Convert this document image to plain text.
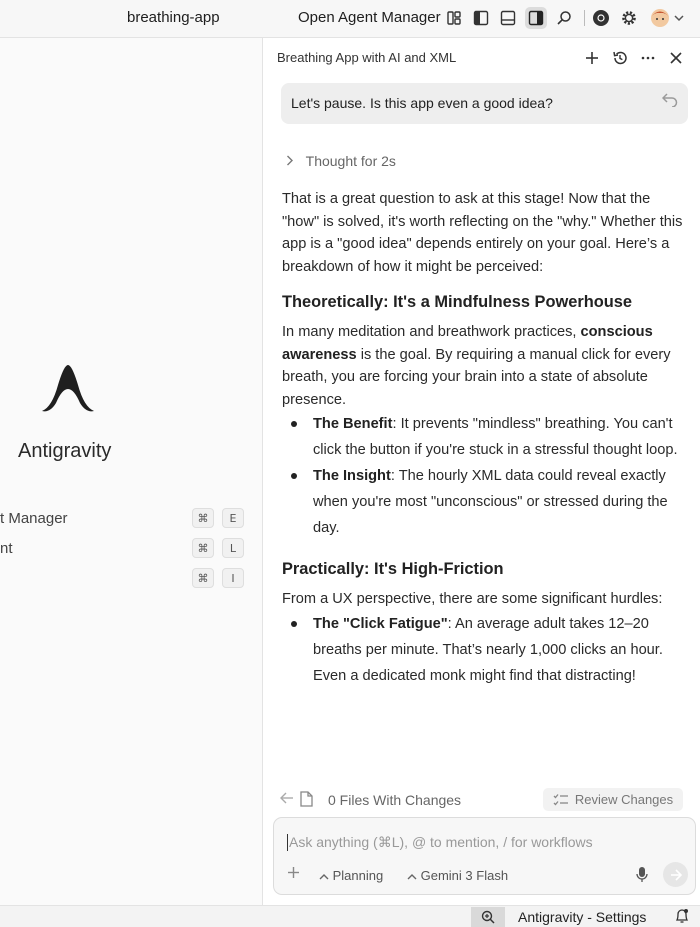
breathing-app	Open Agent Manager
Antigravity
t Manager	⌘	E
nt	⌘	L
⌘	I
Breathing App with AI and XML
Let's pause. Is this app even a good idea?
Thought for 2s

That is a great question to ask at this stage! Now that the "how" is solved, it's worth reflecting on the "why." Whether this app is a "good idea" depends entirely on your goal. Here’s a breakdown of how it might be perceived:

Theoretically: It's a Mindfulness Powerhouse

In many meditation and breathwork practices, conscious awareness is the goal. By requiring a manual click for every breath, you are forcing your brain into a state of absolute presence.

The Benefit: It prevents "mindless" breathing. You can't click the button if you're stuck in a stressful thought loop.
The Insight: The hourly XML data could reveal exactly when you're most "unconscious" or stressed during the day.
Practically: It's High-Friction

From a UX perspective, there are some significant hurdles:

The "Click Fatigue": An average adult takes 12–20 breaths per minute. That’s nearly 1,000 clicks an hour. Even a dedicated monk might find that distracting!
0 Files With Changes	Review Changes
Ask anything (⌘L), @ to mention, / for workflows
Planning	Gemini 3 Flash
Antigravity - Settings
